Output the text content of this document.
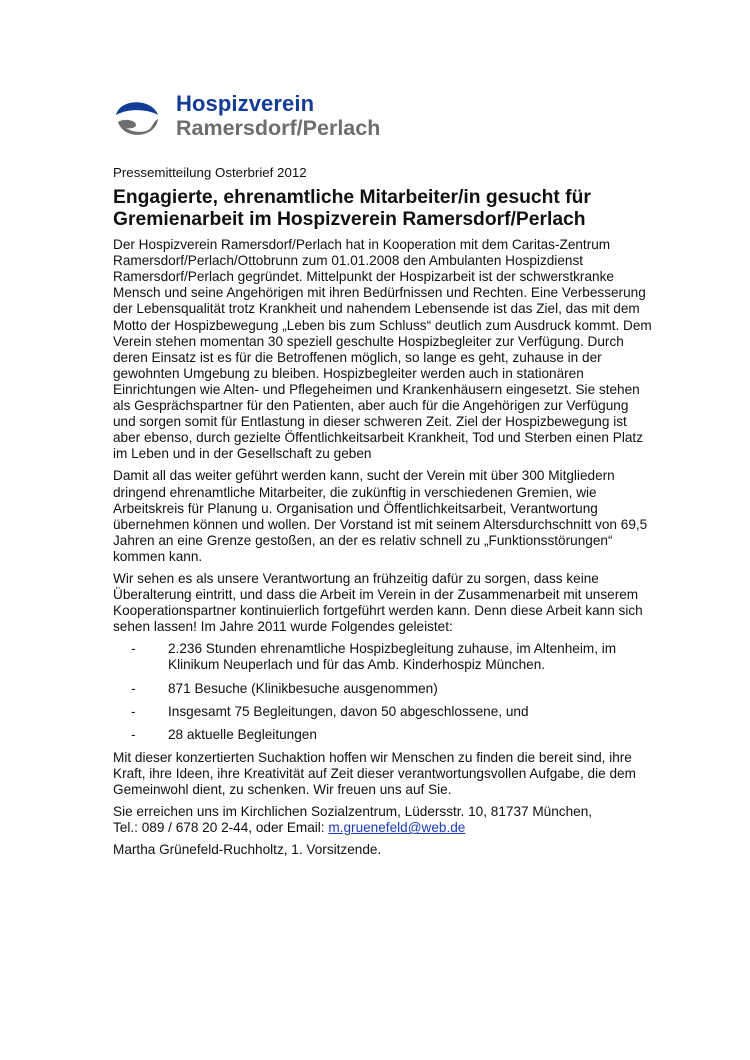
Hospizverein
Ramersdorf/Perlach
Pressemitteilung Osterbrief 2012
Engagierte, ehrenamtliche Mitarbeiter/in gesucht für Gremienarbeit im Hospizverein Ramersdorf/Perlach

Der Hospizverein Ramersdorf/Perlach hat in Kooperation mit dem Caritas-Zentrum Ramersdorf/Perlach/Ottobrunn zum 01.01.2008 den Ambulanten Hospizdienst Ramersdorf/Perlach gegründet. Mittelpunkt der Hospizarbeit ist der schwerstkranke Mensch und seine Angehörigen mit ihren Bedürfnissen und Rechten. Eine Verbesserung der Lebensqualität trotz Krankheit und nahendem Lebensende ist das Ziel, das mit dem Motto der Hospizbewegung „Leben bis zum Schluss“ deutlich zum Ausdruck kommt. Dem Verein stehen momentan 30 speziell geschulte Hospizbegleiter zur Verfügung. Durch deren Einsatz ist es für die Betroffenen möglich, so lange es geht, zuhause in der gewohnten Umgebung zu bleiben. Hospizbegleiter werden auch in stationären Einrichtungen wie Alten- und Pflegeheimen und Krankenhäusern eingesetzt. Sie stehen als Gesprächspartner für den Patienten, aber auch für die Angehörigen zur Verfügung und sorgen somit für Entlastung in dieser schweren Zeit. Ziel der Hospizbewegung ist aber ebenso, durch gezielte Öffentlichkeitsarbeit Krankheit, Tod und Sterben einen Platz im Leben und in der Gesellschaft zu geben

Damit all das weiter geführt werden kann, sucht der Verein mit über 300 Mitgliedern dringend ehrenamtliche Mitarbeiter, die zukünftig in verschiedenen Gremien, wie Arbeitskreis für Planung u. Organisation und Öffentlichkeitsarbeit, Verantwortung übernehmen können und wollen. Der Vorstand ist mit seinem Altersdurchschnitt von 69,5 Jahren an eine Grenze gestoßen, an der es relativ schnell zu „Funktionsstörungen“ kommen kann.

Wir sehen es als unsere Verantwortung an frühzeitig dafür zu sorgen, dass keine Überalterung eintritt, und dass die Arbeit im Verein in der Zusammenarbeit mit unserem Kooperationspartner kontinuierlich fortgeführt werden kann. Denn diese Arbeit kann sich sehen lassen! Im Jahre 2011 wurde Folgendes geleistet:

- 2.236 Stunden ehrenamtliche Hospizbegleitung zuhause, im Altenheim, im Klinikum Neuperlach und für das Amb. Kinderhospiz München.
- 871 Besuche (Klinikbesuche ausgenommen)
- Insgesamt 75 Begleitungen, davon 50 abgeschlossene, und
- 28 aktuelle Begleitungen

Mit dieser konzertierten Suchaktion hoffen wir Menschen zu finden die bereit sind, ihre Kraft, ihre Ideen, ihre Kreativität auf Zeit dieser verantwortungsvollen Aufgabe, die dem Gemeinwohl dient, zu schenken. Wir freuen uns auf Sie.

Sie erreichen uns im Kirchlichen Sozialzentrum, Lüdersstr. 10, 81737 München,
Tel.: 089 / 678 20 2-44, oder Email: m.gruenefeld@web.de

Martha Grünefeld-Ruchholtz, 1. Vorsitzende.
